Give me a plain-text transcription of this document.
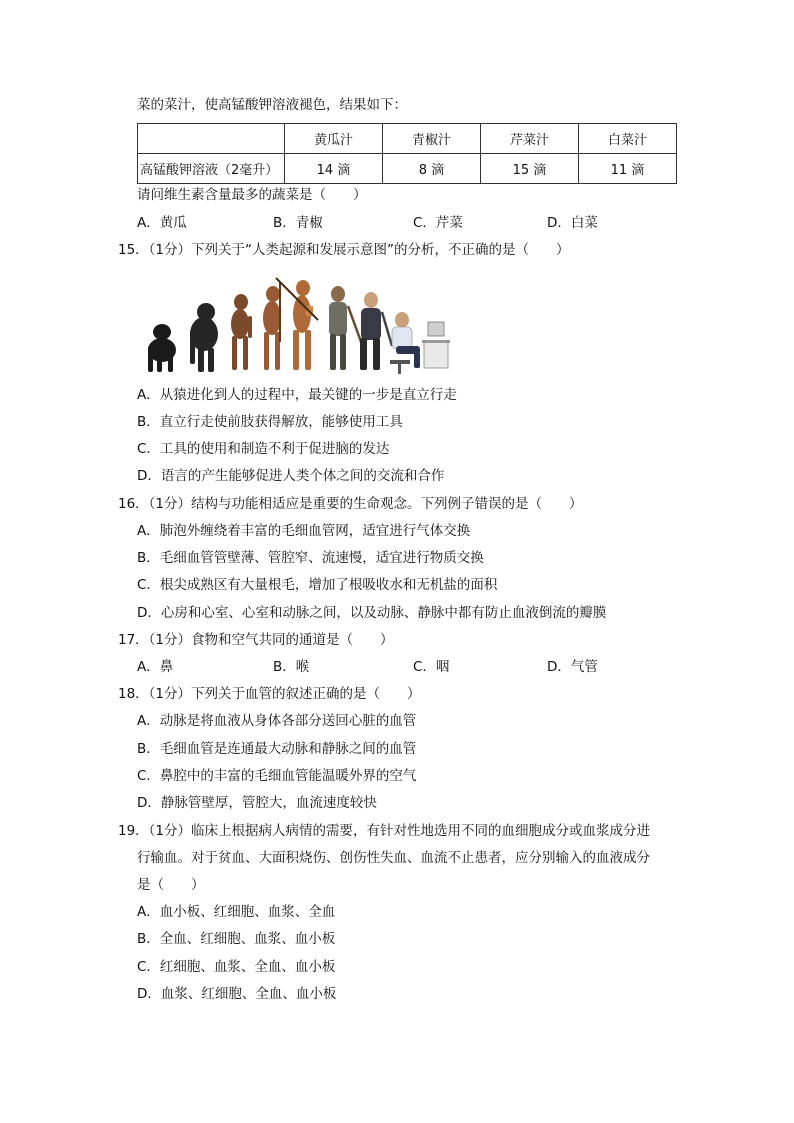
菜的菜汁，使高锰酸钾溶液褪色，结果如下：
	黄瓜汁	青椒汁	芹菜汁	白菜汁
高锰酸钾溶液（2毫升）	14 滴	8 滴	15 滴	11 滴
请问维生素含量最多的蔬菜是（　　）
A．黄瓜	B．青椒	C．芹菜	D．白菜
15．（1分）下列关于“人类起源和发展示意图”的分析，不正确的是（　　）
A．从猿进化到人的过程中，最关键的一步是直立行走
B．直立行走使前肢获得解放，能够使用工具
C．工具的使用和制造不利于促进脑的发达
D．语言的产生能够促进人类个体之间的交流和合作
16．（1分）结构与功能相适应是重要的生命观念。下列例子错误的是（　　）
A．肺泡外缠绕着丰富的毛细血管网，适宜进行气体交换
B．毛细血管管壁薄、管腔窄、流速慢，适宜进行物质交换
C．根尖成熟区有大量根毛，增加了根吸收水和无机盐的面积
D．心房和心室、心室和动脉之间，以及动脉、静脉中都有防止血液倒流的瓣膜
17．（1分）食物和空气共同的通道是（　　）
A．鼻	B．喉	C．咽	D．气管
18．（1分）下列关于血管的叙述正确的是（　　）
A．动脉是将血液从身体各部分送回心脏的血管
B．毛细血管是连通最大动脉和静脉之间的血管
C．鼻腔中的丰富的毛细血管能温暖外界的空气
D．静脉管壁厚，管腔大，血流速度较快
19．（1分）临床上根据病人病情的需要，有针对性地选用不同的血细胞成分或血浆成分进
行输血。对于贫血、大面积烧伤、创伤性失血、血流不止患者，应分别输入的血液成分
是（　　）
A．血小板、红细胞、血浆、全血
B．全血、红细胞、血浆、血小板
C．红细胞、血浆、全血、血小板
D．血浆、红细胞、全血、血小板
